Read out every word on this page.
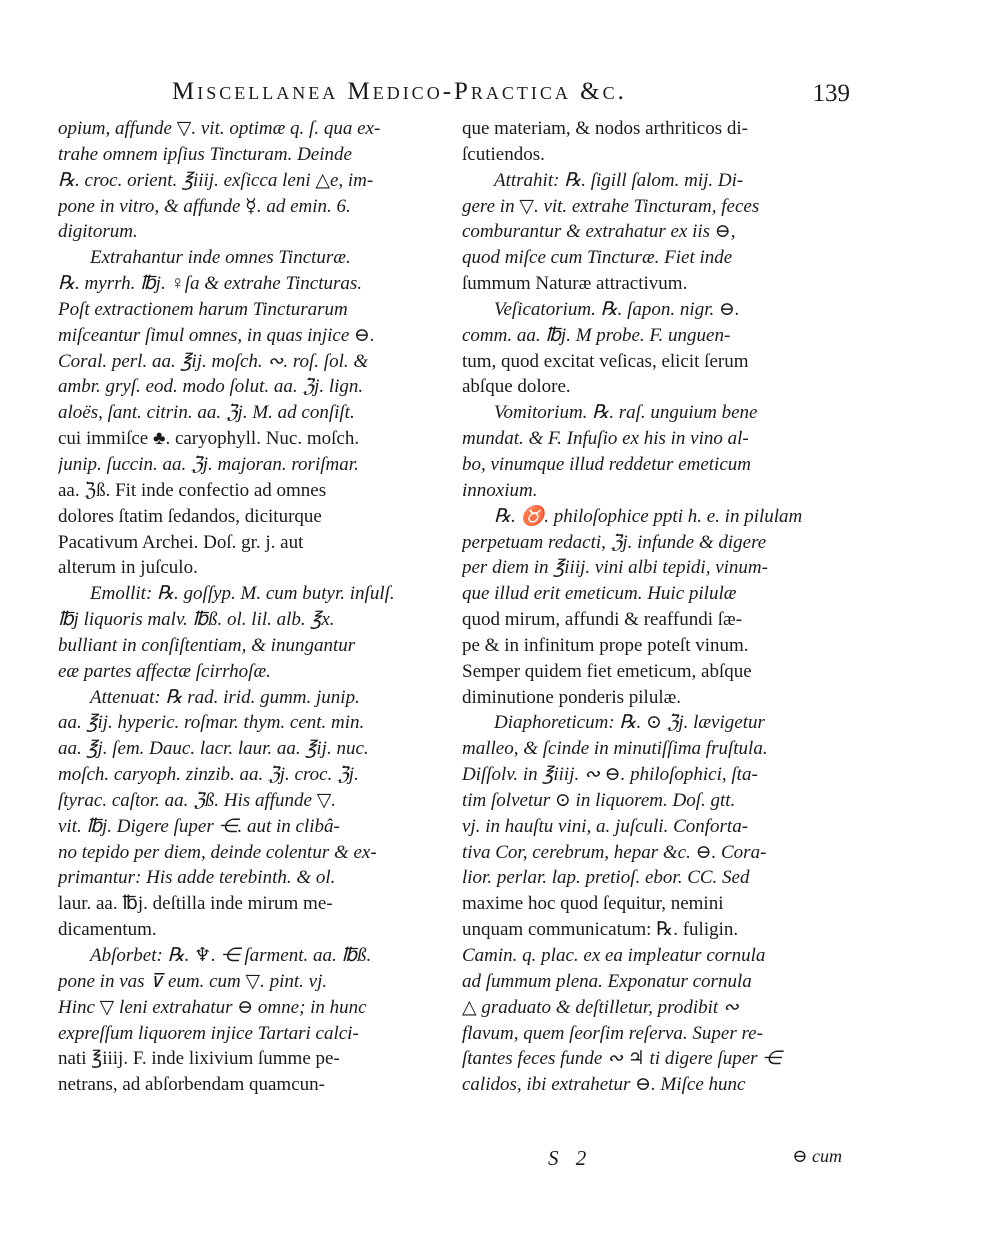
Miscellanea Medico-Practica &c.	139
opium, affunde ▽. vit. optimæ q. ſ. qua ex-
trahe omnem ipſius Tincturam. Deinde
℞. croc. orient. ℥iiij. exſicca leni △e, im-
pone in vitro, & affunde ☿. ad emin. 6.
digitorum.
Extrahantur inde omnes Tincturæ.
℞. myrrh. ℔j. ♀ſa & extrahe Tincturas.
Poſt extractionem harum Tincturarum
miſceantur ſimul omnes, in quas injice ⊖.
Coral. perl. aa. ℥ij. moſch. ∾. roſ. ſol. &
ambr. gryſ. eod. modo ſolut. aa. ℨj. lign.
aloës, ſant. citrin. aa. ℨj. M. ad conſiſt.
cui immiſce ♣. caryophyll. Nuc. moſch.
junip. ſuccin. aa. ℨj. majoran. roriſmar.
aa. ℨß. Fit inde confectio ad omnes
dolores ſtatim ſedandos, diciturque
Pacativum Archei. Doſ. gr. j. aut
alterum in juſculo.
Emollit: ℞. goſſyp. M. cum butyr. inſulſ.
℔j liquoris malv. ℔ß. ol. lil. alb. ℥x.
bulliant in conſiſtentiam, & inungantur
eæ partes affectæ ſcirrhoſæ.
Attenuat: ℞ rad. irid. gumm. junip.
aa. ℥ij. hyperic. roſmar. thym. cent. min.
aa. ℥j. ſem. Dauc. lacr. laur. aa. ℥ij. nuc.
moſch. caryoph. zinzib. aa. ℨj. croc. ℨj.
ſtyrac. caſtor. aa. ℨß. His affunde ▽.
vit. ℔j. Digere ſuper ⋲. aut in clibâ-
no tepido per diem, deinde colentur & ex-
primantur: His adde terebinth. & ol.
laur. aa. ℔j. deſtilla inde mirum me-
dicamentum.
Abſorbet: ℞. ♆. ⋲ ſarment. aa. ℔ß.
pone in vas ⊽ eum. cum ▽. pint. vj.
Hinc ▽ leni extrahatur ⊖ omne; in hunc
expreſſum liquorem injice Tartari calci-
nati ℥iiij. F. inde lixivium ſumme pe-
netrans, ad abſorbendam quamcun-
que materiam, & nodos arthriticos di-
ſcutiendos.
Attrahit: ℞. ſigill ſalom. mij. Di-
gere in ▽. vit. extrahe Tincturam, feces
comburantur & extrahatur ex iis ⊖,
quod miſce cum Tincturæ. Fiet inde
ſummum Naturæ attractivum.
Veſicatorium. ℞. ſapon. nigr. ⊖.
comm. aa. ℔j. M probe. F. unguen-
tum, quod excitat veſicas, elicit ſerum
abſque dolore.
Vomitorium. ℞. raſ. unguium bene
mundat. & F. Infuſio ex his in vino al-
bo, vinumque illud reddetur emeticum
innoxium.
℞. ♉. philoſophice ppti h. e. in pilulam
perpetuam redacti, ℨj. infunde & digere
per diem in ℥iiij. vini albi tepidi, vinum-
que illud erit emeticum. Huic pilulæ
quod mirum, affundi & reaffundi ſæ-
pe & in infinitum prope poteſt vinum.
Semper quidem fiet emeticum, abſque
diminutione ponderis pilulæ.
Diaphoreticum: ℞. ⊙ ℨj. lævigetur
malleo, & ſcinde in minutiſſima fruſtula.
Diſſolv. in ℥iiij. ∾ ⊖. philoſophici, ſta-
tim ſolvetur ⊙ in liquorem. Doſ. gtt.
vj. in hauſtu vini, a. juſculi. Conforta-
tiva Cor, cerebrum, hepar &c. ⊖. Cora-
lior. perlar. lap. pretioſ. ebor. CC. Sed
maxime hoc quod ſequitur, nemini
unquam communicatum: ℞. fuligin.
Camin. q. plac. ex ea impleatur cornula
ad ſummum plena. Exponatur cornula
△ graduato & deſtilletur, prodibit ∾
flavum, quem ſeorſim reſerva. Super re-
ſtantes feces funde ∾ ♃ ti digere ſuper ⋲
calidos, ibi extrahetur ⊖. Miſce hunc
S 2	⊖ cum
